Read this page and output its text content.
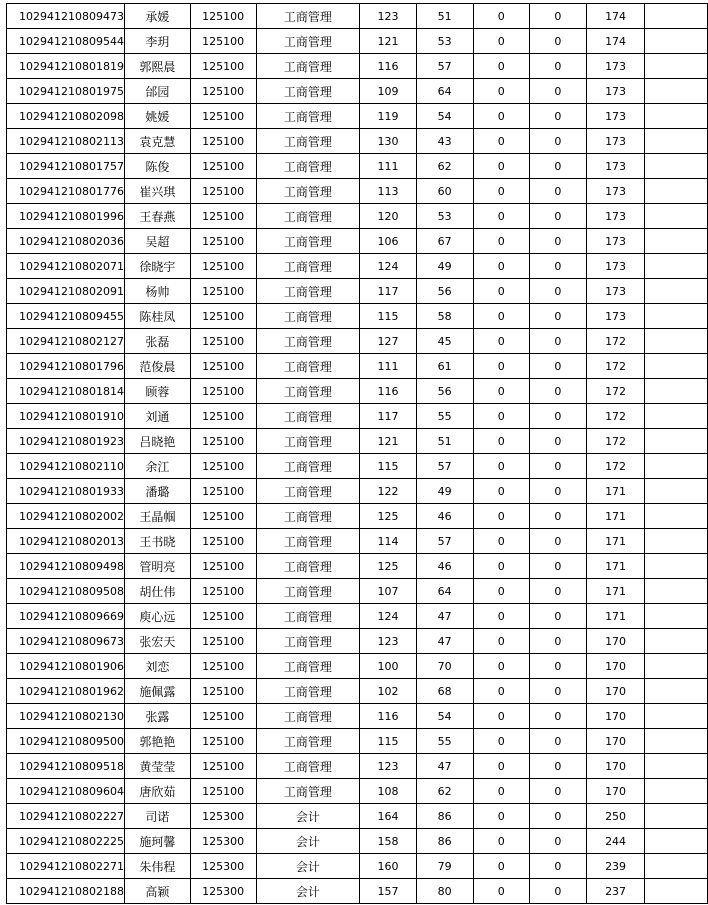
102941210809473	承媛	125100	工商管理	123	51	0	0	174	
102941210809544	李玥	125100	工商管理	121	53	0	0	174	
102941210801819	郭熙晨	125100	工商管理	116	57	0	0	173	
102941210801975	邰园	125100	工商管理	109	64	0	0	173	
102941210802098	姚媛	125100	工商管理	119	54	0	0	173	
102941210802113	袁克慧	125100	工商管理	130	43	0	0	173	
102941210801757	陈俊	125100	工商管理	111	62	0	0	173	
102941210801776	崔兴琪	125100	工商管理	113	60	0	0	173	
102941210801996	王春燕	125100	工商管理	120	53	0	0	173	
102941210802036	吴超	125100	工商管理	106	67	0	0	173	
102941210802071	徐晓宇	125100	工商管理	124	49	0	0	173	
102941210802091	杨帅	125100	工商管理	117	56	0	0	173	
102941210809455	陈桂凤	125100	工商管理	115	58	0	0	173	
102941210802127	张磊	125100	工商管理	127	45	0	0	172	
102941210801796	范俊晨	125100	工商管理	111	61	0	0	172	
102941210801814	顾蓉	125100	工商管理	116	56	0	0	172	
102941210801910	刘通	125100	工商管理	117	55	0	0	172	
102941210801923	吕晓艳	125100	工商管理	121	51	0	0	172	
102941210802110	余江	125100	工商管理	115	57	0	0	172	
102941210801933	潘璐	125100	工商管理	122	49	0	0	171	
102941210802002	王晶帼	125100	工商管理	125	46	0	0	171	
102941210802013	王书晓	125100	工商管理	114	57	0	0	171	
102941210809498	管明亮	125100	工商管理	125	46	0	0	171	
102941210809508	胡仕伟	125100	工商管理	107	64	0	0	171	
102941210809669	庾心远	125100	工商管理	124	47	0	0	171	
102941210809673	张宏天	125100	工商管理	123	47	0	0	170	
102941210801906	刘恋	125100	工商管理	100	70	0	0	170	
102941210801962	施佩露	125100	工商管理	102	68	0	0	170	
102941210802130	张露	125100	工商管理	116	54	0	0	170	
102941210809500	郭艳艳	125100	工商管理	115	55	0	0	170	
102941210809518	黄莹莹	125100	工商管理	123	47	0	0	170	
102941210809604	唐欣茹	125100	工商管理	108	62	0	0	170	
102941210802227	司诺	125300	会计	164	86	0	0	250	
102941210802225	施珂馨	125300	会计	158	86	0	0	244	
102941210802271	朱伟程	125300	会计	160	79	0	0	239	
102941210802188	高颖	125300	会计	157	80	0	0	237	
